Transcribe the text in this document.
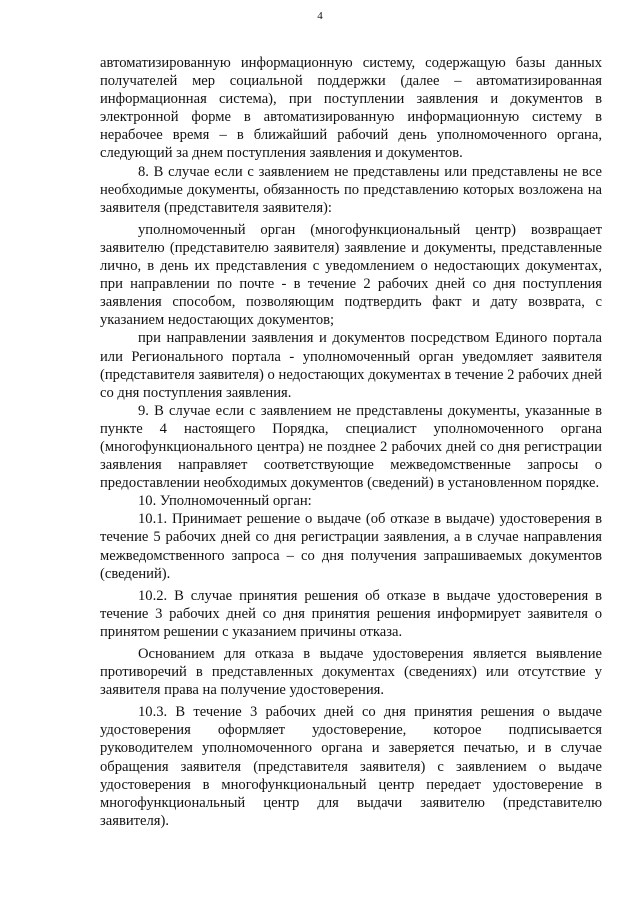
4

автоматизированную информационную систему, содержащую базы данных получателей мер социальной поддержки (далее – автоматизированная информационная система), при поступлении заявления и документов в электронной форме в автоматизированную информационную систему в нерабочее время – в ближайший рабочий день уполномоченного органа, следующий за днем поступления заявления и документов.

8. В случае если с заявлением не представлены или представлены не все необходимые документы, обязанность по представлению которых возложена на заявителя (представителя заявителя):

уполномоченный орган (многофункциональный центр) возвращает заявителю (представителю заявителя) заявление и документы, представленные лично, в день их представления с уведомлением о недостающих документах, при направлении по почте - в течение 2 рабочих дней со дня поступления заявления способом, позволяющим подтвердить факт и дату возврата, с указанием недостающих документов;

при направлении заявления и документов посредством Единого портала или Регионального портала - уполномоченный орган уведомляет заявителя (представителя заявителя) о недостающих документах в течение 2 рабочих дней со дня поступления заявления.

9. В случае если с заявлением не представлены документы, указанные в пункте 4 настоящего Порядка, специалист уполномоченного органа (многофункционального центра) не позднее 2 рабочих дней со дня регистрации заявления направляет соответствующие межведомственные запросы о предоставлении необходимых документов (сведений) в установленном порядке.

10. Уполномоченный орган:

10.1. Принимает решение о выдаче (об отказе в выдаче) удостоверения в течение 5 рабочих дней со дня регистрации заявления, а в случае направления межведомственного запроса – со дня получения запрашиваемых документов (сведений).

10.2. В случае принятия решения об отказе в выдаче удостоверения в течение 3 рабочих дней со дня принятия решения информирует заявителя о принятом решении с указанием причины отказа.

Основанием для отказа в выдаче удостоверения является выявление противоречий в представленных документах (сведениях) или отсутствие у заявителя права на получение удостоверения.

10.3. В течение 3 рабочих дней со дня принятия решения о выдаче удостоверения оформляет удостоверение, которое подписывается руководителем уполномоченного органа и заверяется печатью, и в случае обращения заявителя (представителя заявителя) с заявлением о выдаче удостоверения в многофункциональный центр передает удостоверение в многофункциональный центр для выдачи заявителю (представителю заявителя).
